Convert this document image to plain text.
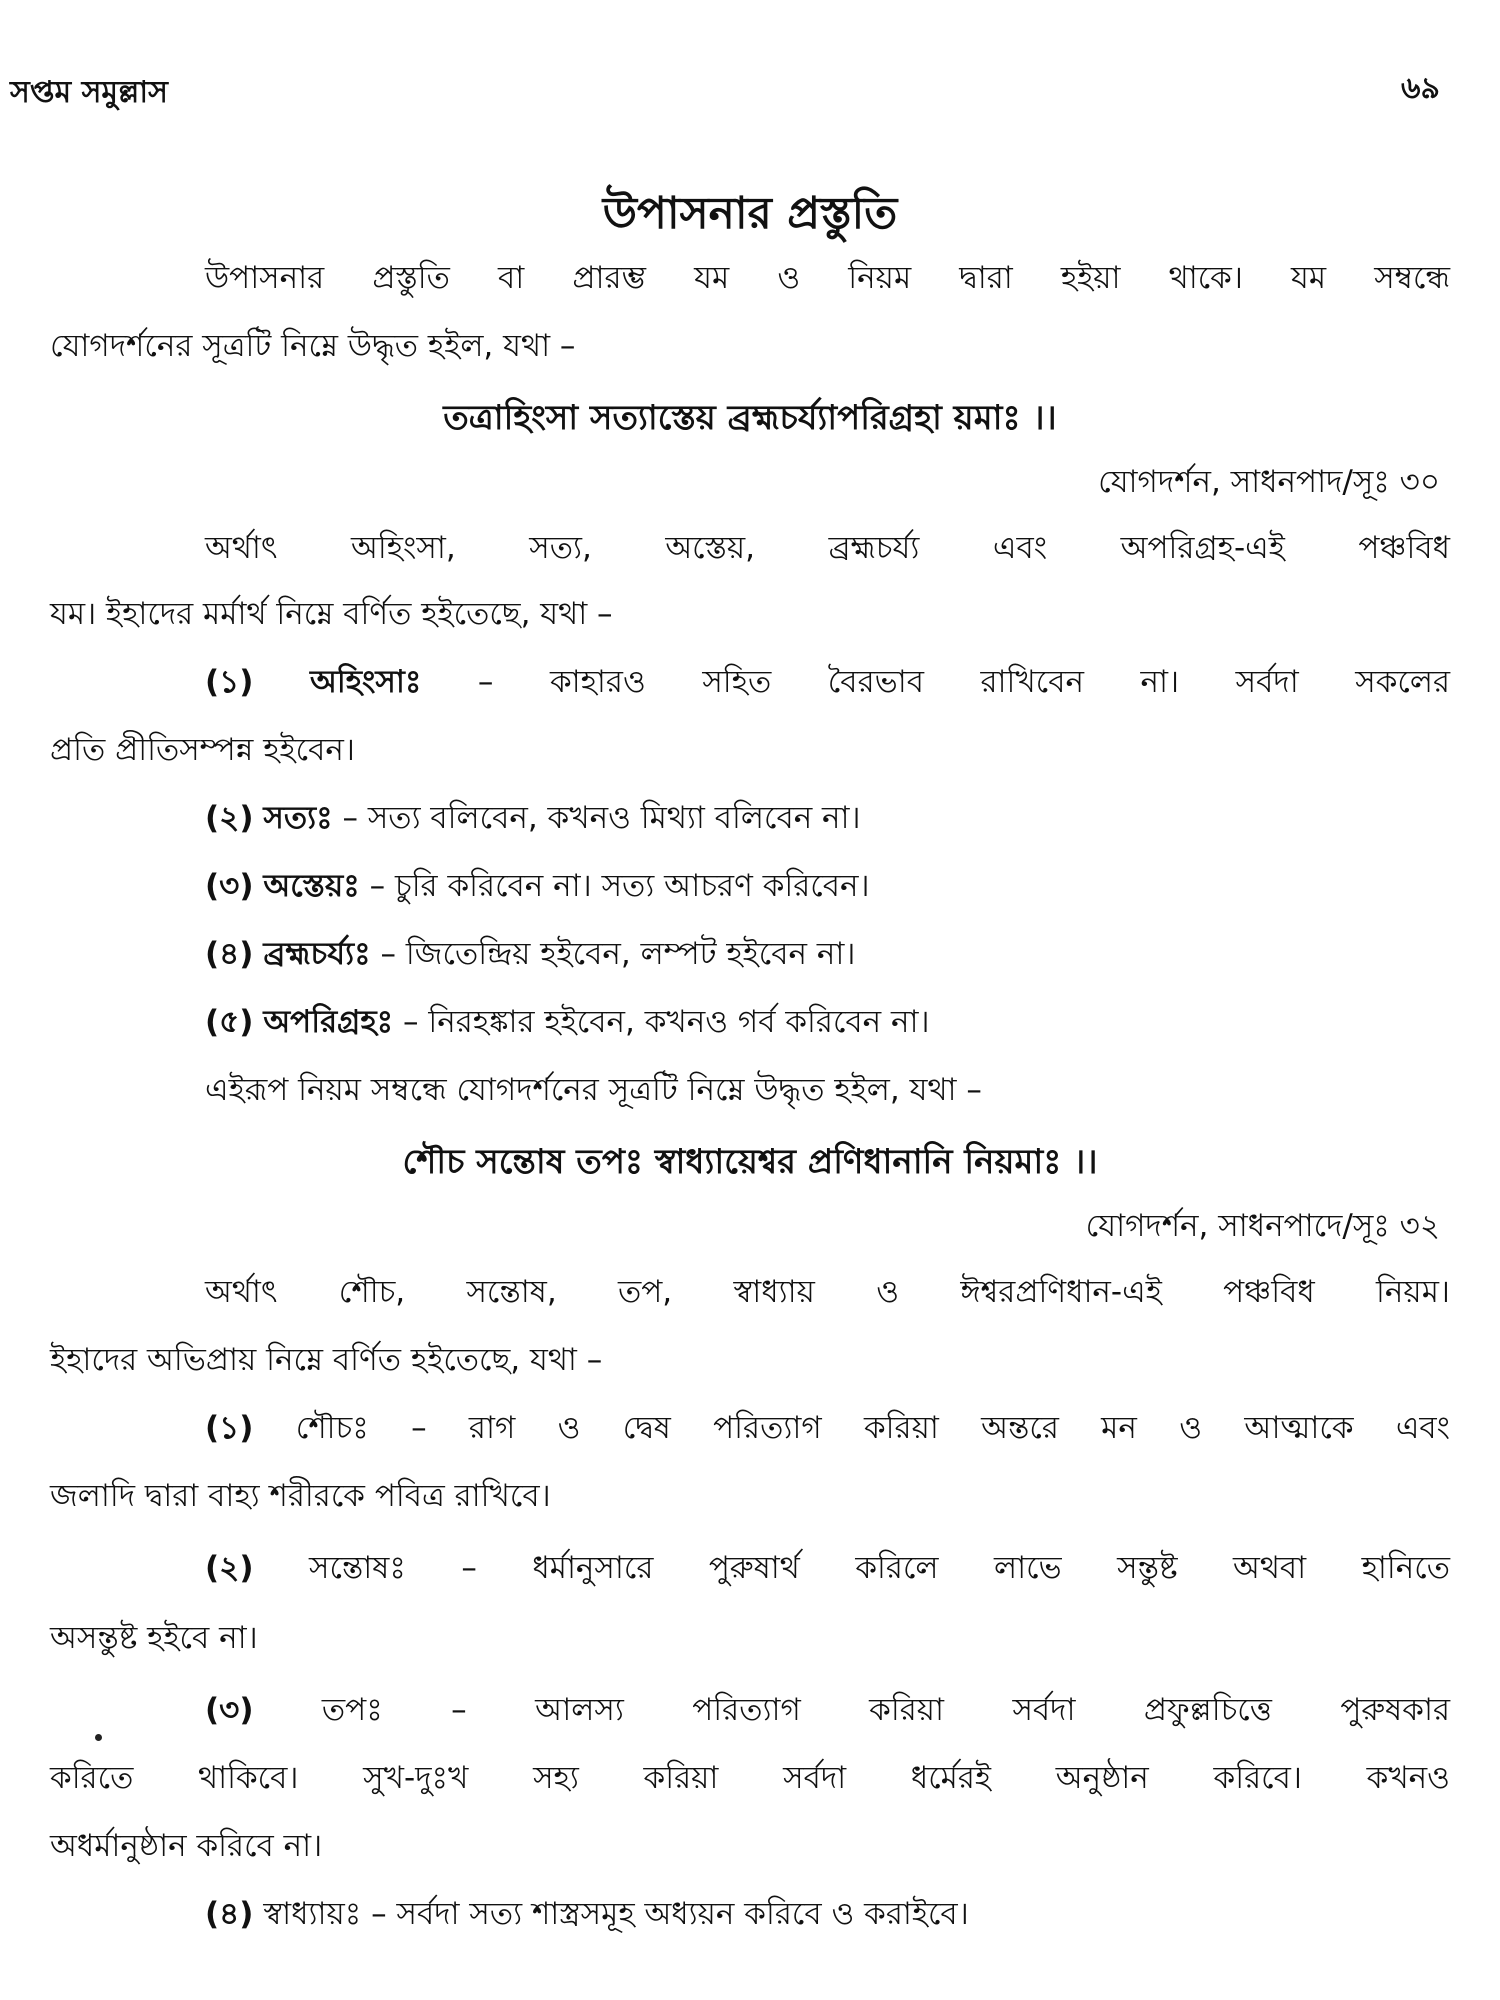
সপ্তম সমুল্লাস	৬৯
উপাসনার প্রস্তুতি
উপাসনার প্রস্তুতি বা প্রারম্ভ যম ও নিয়ম দ্বারা হইয়া থাকে। যম সম্বন্ধে
যোগদর্শনের সূত্রটি নিম্নে উদ্ধৃত হইল, যথা –
তত্রাহিংসা সত্যাস্তেয় ব্রহ্মচর্য্যাপরিগ্রহা য়মাঃ ।।
যোগদর্শন, সাধনপাদ/সূঃ ৩০
অর্থাৎ অহিংসা, সত্য, অস্তেয়, ব্রহ্মচর্য্য এবং অপরিগ্রহ-এই পঞ্চবিধ
যম। ইহাদের মর্মার্থ নিম্নে বর্ণিত হইতেছে, যথা –
(১) অহিংসাঃ – কাহারও সহিত বৈরভাব রাখিবেন না। সর্বদা সকলের
প্রতি প্রীতিসম্পন্ন হইবেন।
(২) সত্যঃ – সত্য বলিবেন, কখনও মিথ্যা বলিবেন না।
(৩) অস্তেয়ঃ – চুরি করিবেন না। সত্য আচরণ করিবেন।
(৪) ব্রহ্মচর্য্যঃ – জিতেন্দ্রিয় হইবেন, লম্পট হইবেন না।
(৫) অপরিগ্রহঃ – নিরহঙ্কার হইবেন, কখনও গর্ব করিবেন না।
এইরূপ নিয়ম সম্বন্ধে যোগদর্শনের সূত্রটি নিম্নে উদ্ধৃত হইল, যথা –
শৌচ সন্তোষ তপঃ স্বাধ্যায়েশ্বর প্রণিধানানি নিয়মাঃ ।।
যোগদর্শন, সাধনপাদে/সূঃ ৩২
অর্থাৎ শৌচ, সন্তোষ, তপ, স্বাধ্যায় ও ঈশ্বরপ্রণিধান-এই পঞ্চবিধ নিয়ম।
ইহাদের অভিপ্রায় নিম্নে বর্ণিত হইতেছে, যথা –
(১) শৌচঃ – রাগ ও দ্বেষ পরিত্যাগ করিয়া অন্তরে মন ও আত্মাকে এবং
জলাদি দ্বারা বাহ্য শরীরকে পবিত্র রাখিবে।
(২) সন্তোষঃ – ধর্মানুসারে পুরুষার্থ করিলে লাভে সন্তুষ্ট অথবা হানিতে
অসন্তুষ্ট হইবে না।
(৩) তপঃ – আলস্য পরিত্যাগ করিয়া সর্বদা প্রফুল্লচিত্তে পুরুষকার
করিতে থাকিবে। সুখ-দুঃখ সহ্য করিয়া সর্বদা ধর্মেরই অনুষ্ঠান করিবে। কখনও
অধর্মানুষ্ঠান করিবে না।
(৪) স্বাধ্যায়ঃ – সর্বদা সত্য শাস্ত্রসমূহ অধ্যয়ন করিবে ও করাইবে।
